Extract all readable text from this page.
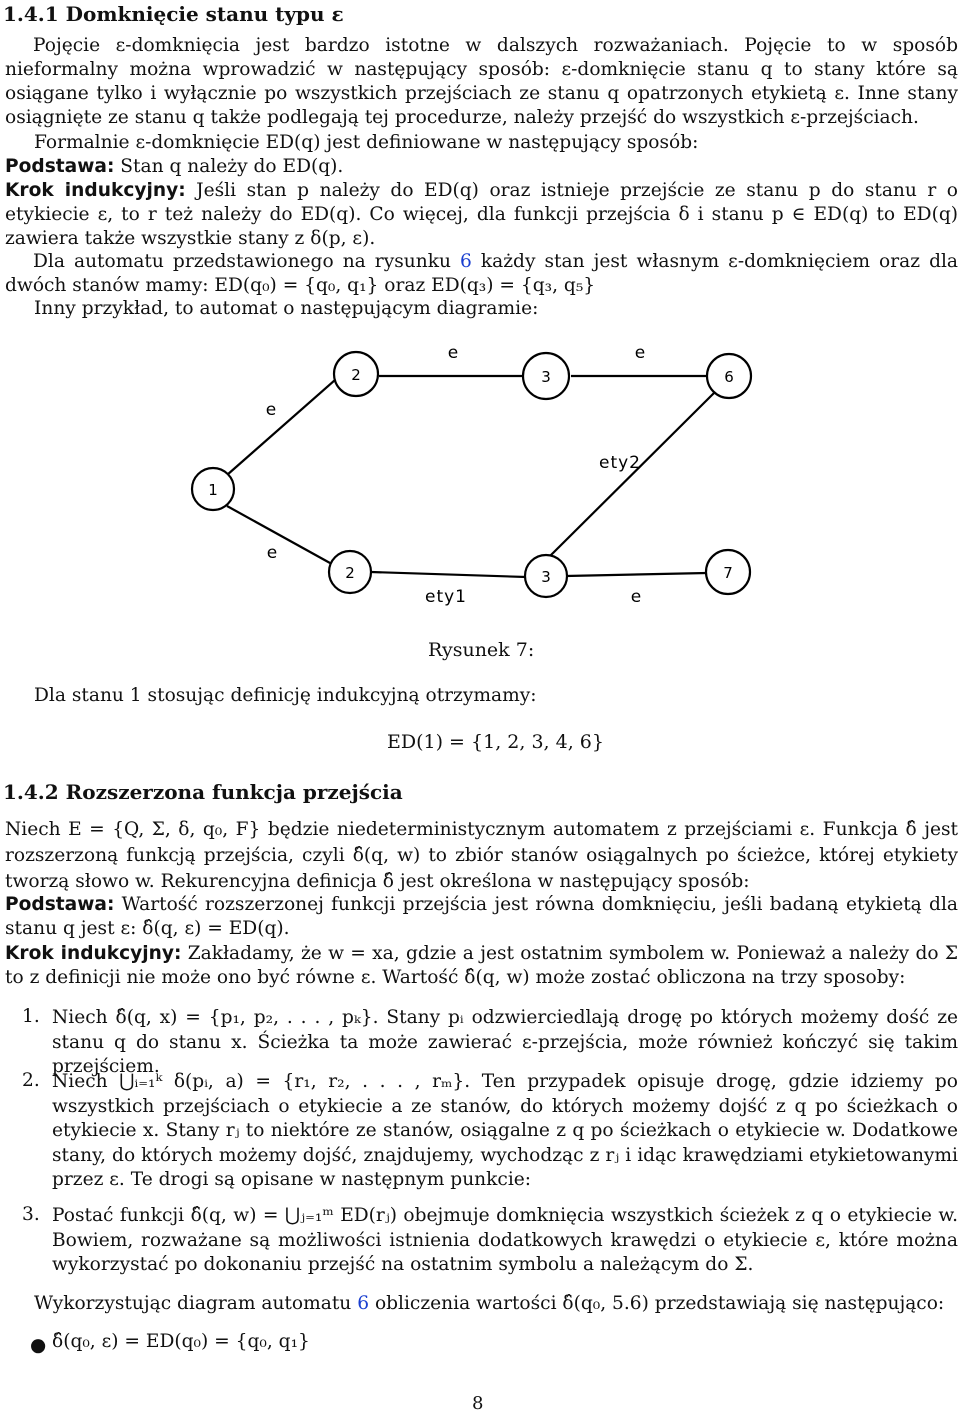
1.4.1 Domknięcie stanu typu ε
Pojęcie ε-domknięcia jest bardzo istotne w dalszych rozważaniach. Pojęcie to w sposób nieformalny można wprowadzić w następujący sposób: ε-domknięcie stanu q to stany które są osiągane tylko i wyłącznie po wszystkich przejściach ze stanu q opatrzonych etykietą ε. Inne stany osiągnięte ze stanu q także podlegają tej procedurze, należy przejść do wszystkich ε-przejściach.
Formalnie ε-domknięcie ED(q) jest definiowane w następujący sposób:
Podstawa: Stan q należy do ED(q).
Krok indukcyjny: Jeśli stan p należy do ED(q) oraz istnieje przejście ze stanu p do stanu r o etykiecie ε, to r też należy do ED(q). Co więcej, dla funkcji przejścia δ i stanu p ∈ ED(q) to ED(q) zawiera także wszystkie stany z δ(p, ε).
Dla automatu przedstawionego na rysunku 6 każdy stan jest własnym ε-domknięciem oraz dla dwóch stanów mamy: ED(q₀) = {q₀, q₁} oraz ED(q₃) = {q₃, q₅}
Inny przykład, to automat o następującym diagramie:
1
2	3	6
2	3	7
e
e	e
ety2
e
ety1	e
Rysunek 7:
Dla stanu 1 stosując definicję indukcyjną otrzymamy:
ED(1) = {1, 2, 3, 4, 6}
1.4.2 Rozszerzona funkcja przejścia
Niech E = {Q, Σ, δ, q₀, F} będzie niedeterministycznym automatem z przejściami ε. Funkcja δ̂ jest rozszerzoną funkcją przejścia, czyli δ̂(q, w) to zbiór stanów osiągalnych po ścieżce, której etykiety tworzą słowo w. Rekurencyjna definicja δ̂ jest określona w następujący sposób:
Podstawa: Wartość rozszerzonej funkcji przejścia jest równa domknięciu, jeśli badaną etykietą dla stanu q jest ε: δ̂(q, ε) = ED(q).
Krok indukcyjny: Zakładamy, że w = xa, gdzie a jest ostatnim symbolem w. Ponieważ a należy do Σ to z definicji nie może ono być równe ε. Wartość δ̂(q, w) może zostać obliczona na trzy sposoby:
1. Niech δ̂(q, x) = {p₁, p₂, . . . , pₖ}. Stany pᵢ odzwierciedlają drogę po których możemy dość ze stanu q do stanu x. Ścieżka ta może zawierać ε-przejścia, może również kończyć się takim przejściem.
2. Niech ⋃ᵢ₌₁ᵏ δ(pᵢ, a) = {r₁, r₂, . . . , rₘ}. Ten przypadek opisuje drogę, gdzie idziemy po wszystkich przejściach o etykiecie a ze stanów, do których możemy dojść z q po ścieżkach o etykiecie x. Stany rⱼ to niektóre ze stanów, osiągalne z q po ścieżkach o etykiecie w. Dodatkowe stany, do których możemy dojść, znajdujemy, wychodząc z rⱼ i idąc krawędziami etykietowanymi przez ε. Te drogi są opisane w następnym punkcie:
3. Postać funkcji δ̂(q, w) = ⋃ⱼ₌₁ᵐ ED(rⱼ) obejmuje domknięcia wszystkich ścieżek z q o etykiecie w. Bowiem, rozważane są możliwości istnienia dodatkowych krawędzi o etykiecie ε, które można wykorzystać po dokonaniu przejść na ostatnim symbolu a należącym do Σ.
Wykorzystując diagram automatu 6 obliczenia wartości δ̂(q₀, 5.6) przedstawiają się następująco:
● δ̂(q₀, ε) = ED(q₀) = {q₀, q₁}
8
